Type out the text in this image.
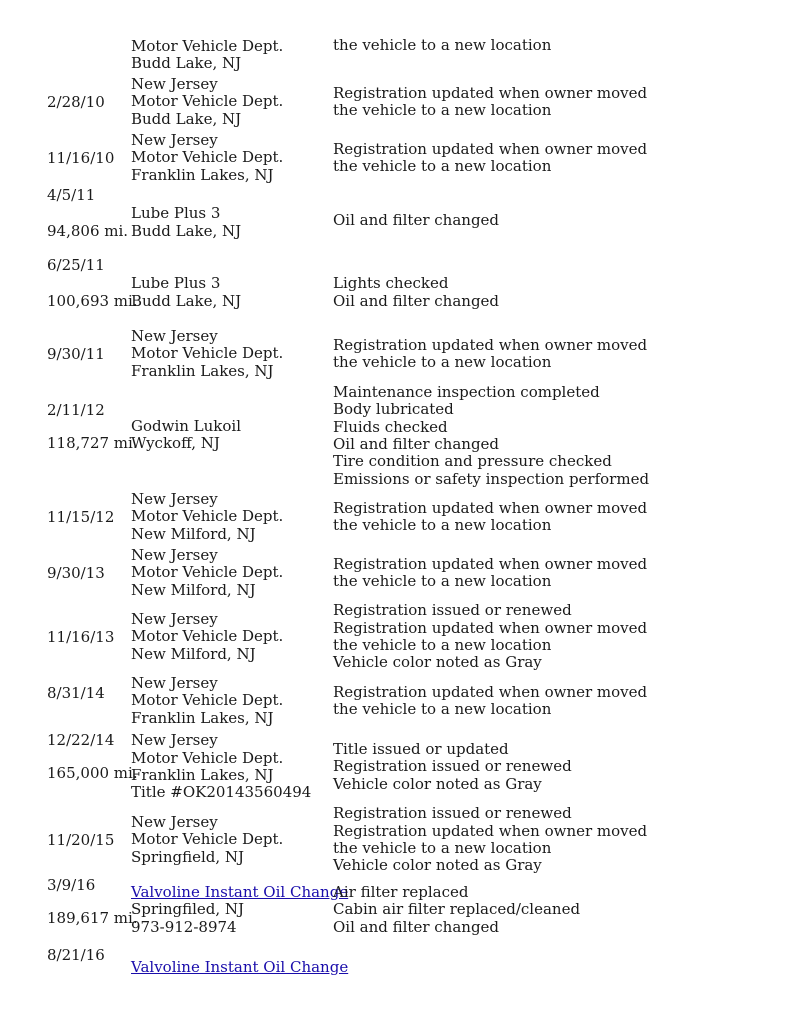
Motor Vehicle Dept.
Budd Lake, NJ
the vehicle to a new location
2/28/10
New Jersey
Motor Vehicle Dept.
Budd Lake, NJ
Registration updated when owner moved
the vehicle to a new location
11/16/10
New Jersey
Motor Vehicle Dept.
Franklin Lakes, NJ
Registration updated when owner moved
the vehicle to a new location
4/5/11
94,806 mi.
Lube Plus 3
Budd Lake, NJ
Oil and filter changed
6/25/11
100,693 mi.
Lube Plus 3
Budd Lake, NJ
Lights checked
Oil and filter changed
9/30/11
New Jersey
Motor Vehicle Dept.
Franklin Lakes, NJ
Registration updated when owner moved
the vehicle to a new location
2/11/12
118,727 mi.
Godwin Lukoil
Wyckoff, NJ
Maintenance inspection completed
Body lubricated
Fluids checked
Oil and filter changed
Tire condition and pressure checked
Emissions or safety inspection performed
11/15/12
New Jersey
Motor Vehicle Dept.
New Milford, NJ
Registration updated when owner moved
the vehicle to a new location
9/30/13
New Jersey
Motor Vehicle Dept.
New Milford, NJ
Registration updated when owner moved
the vehicle to a new location
11/16/13
New Jersey
Motor Vehicle Dept.
New Milford, NJ
Registration issued or renewed
Registration updated when owner moved
the vehicle to a new location
Vehicle color noted as Gray
8/31/14
New Jersey
Motor Vehicle Dept.
Franklin Lakes, NJ
Registration updated when owner moved
the vehicle to a new location
12/22/14
165,000 mi.
New Jersey
Motor Vehicle Dept.
Franklin Lakes, NJ
Title #OK20143560494
Title issued or updated
Registration issued or renewed
Vehicle color noted as Gray
11/20/15
New Jersey
Motor Vehicle Dept.
Springfield, NJ
Registration issued or renewed
Registration updated when owner moved
the vehicle to a new location
Vehicle color noted as Gray
3/9/16
189,617 mi.
Valvoline Instant Oil Change
Springfiled, NJ
973-912-8974
Air filter replaced
Cabin air filter replaced/cleaned
Oil and filter changed
8/21/16
Valvoline Instant Oil Change
